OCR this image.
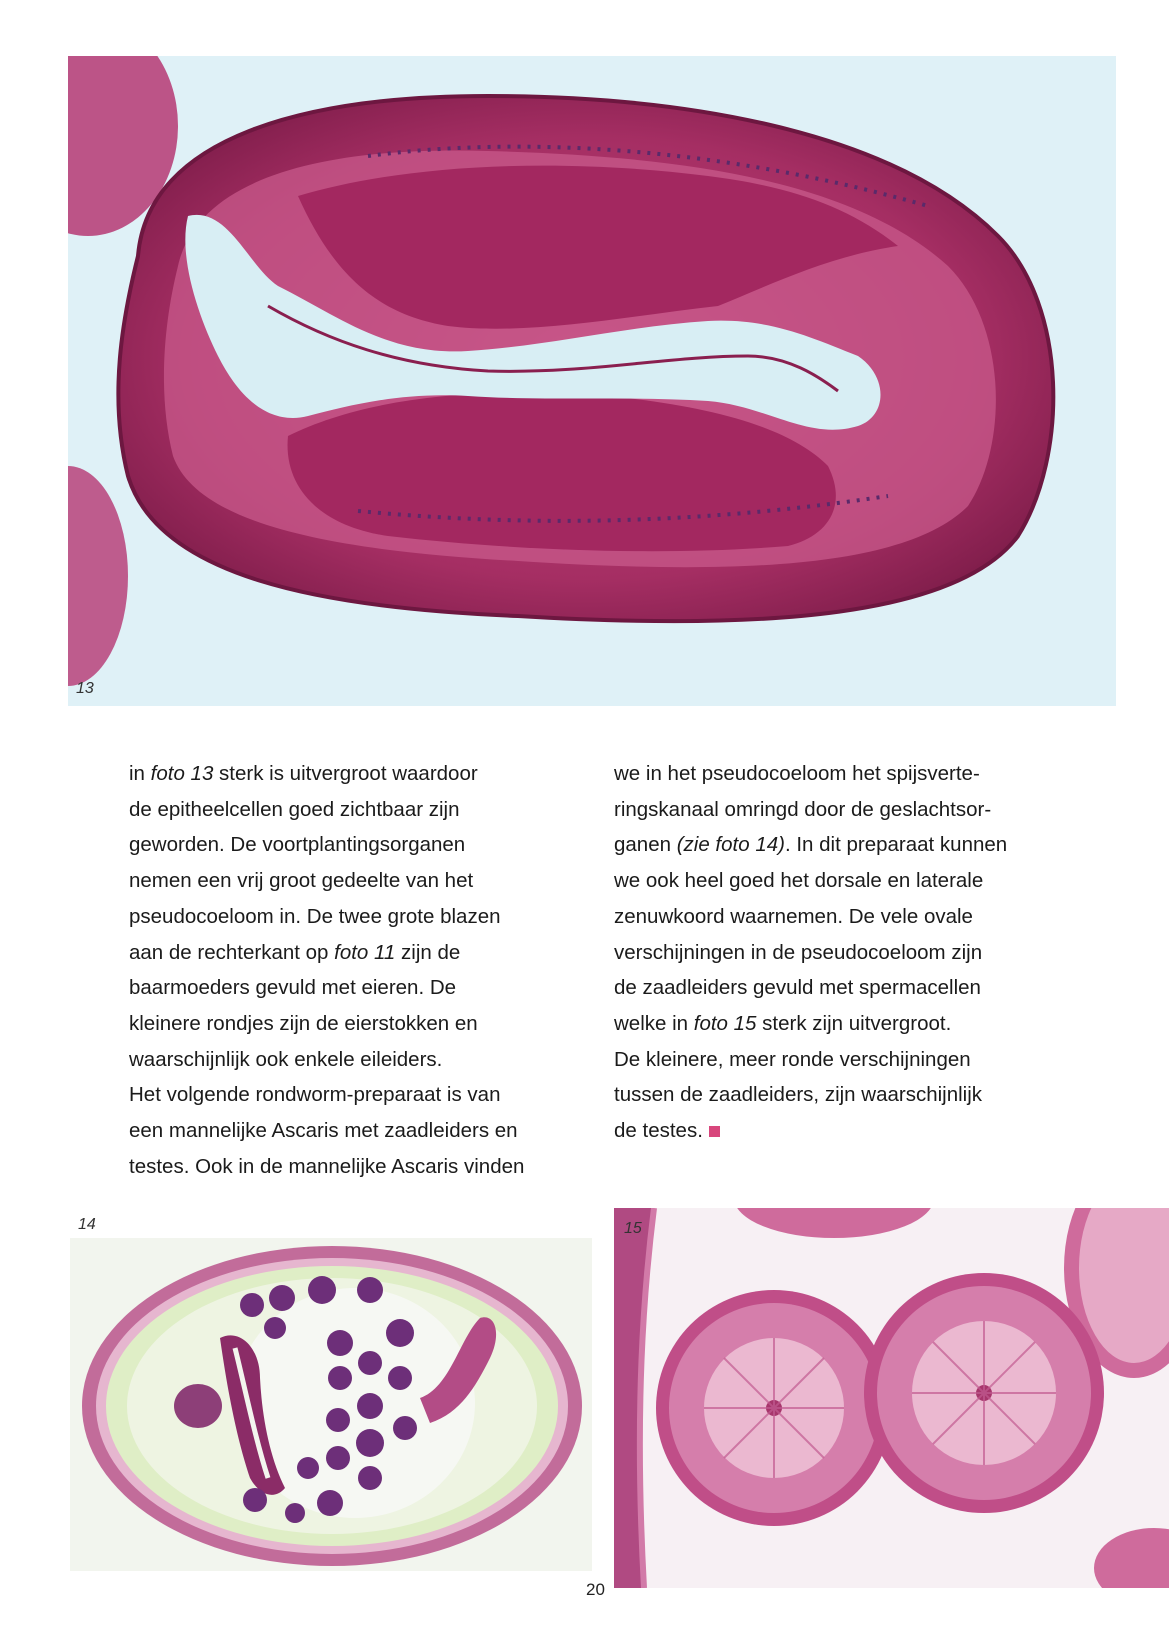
13
in foto 13 sterk is uitvergroot waardoor
de epitheelcellen goed zichtbaar zijn
geworden. De voortplantingsorganen
nemen een vrij groot gedeelte van het
pseudocoeloom in. De twee grote blazen
aan de rechterkant op foto 11 zijn de
baarmoeders gevuld met eieren. De
kleinere rondjes zijn de eierstokken en
waarschijnlijk ook enkele eileiders.
Het volgende rondworm-preparaat is van
een mannelijke Ascaris met zaadleiders en
testes. Ook in de mannelijke Ascaris vinden
we in het pseudocoeloom het spijsverte-
ringskanaal omringd door de geslachtsor-
ganen (zie foto 14). In dit preparaat kunnen
we ook heel goed het dorsale en laterale
zenuwkoord waarnemen. De vele ovale
verschijningen in de pseudocoeloom zijn
de zaadleiders gevuld met spermacellen
welke in foto 15 sterk zijn uitvergroot.
De kleinere, meer ronde verschijningen
tussen de zaadleiders, zijn waarschijnlijk
de testes.
14	15
20
